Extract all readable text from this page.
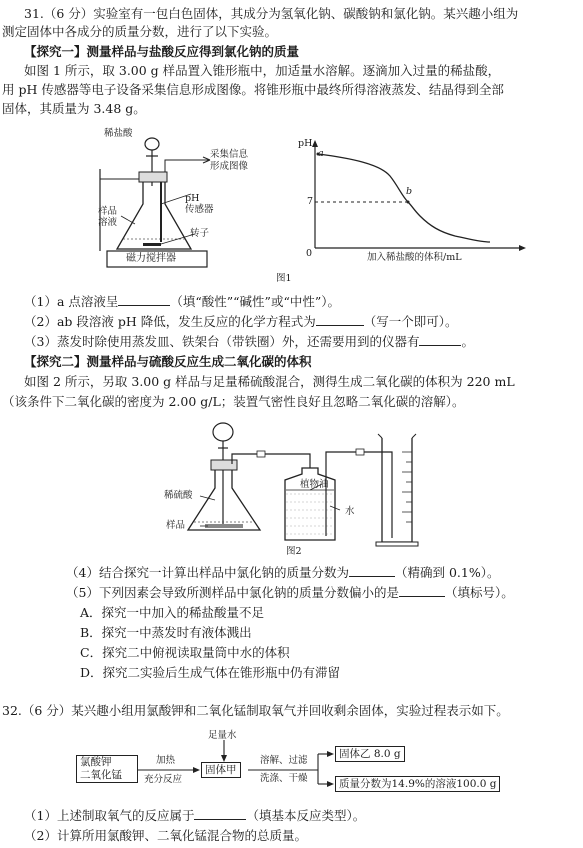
31.（6 分）实验室有一包白色固体，其成分为氢氧化钠、碳酸钠和氯化钠。某兴趣小组为
测定固体中各成分的质量分数，进行了以下实验。
【探究一】测量样品与盐酸反应得到氯化钠的质量
如图 1 所示，取 3.00 g 样品置入锥形瓶中，加适量水溶解。逐滴加入过量的稀盐酸，
用 pH 传感器等电子设备采集信息形成图像。将锥形瓶中最终所得溶液蒸发、结晶得到全部
固体，其质量为 3.48 g。
稀盐酸
采集信息
形成图像
pH
传感器
样品
溶液
转子
磁力搅拌器
pH
a
7
b
0	加入稀盐酸的体积/mL
图1
（1）a 点溶液呈	（填“酸性”“碱性”或“中性”）。
（2）ab 段溶液 pH 降低，发生反应的化学方程式为	（写一个即可）。
（3）蒸发时除使用蒸发皿、铁架台（带铁圈）外，还需要用到的仪器有	。
【探究二】测量样品与硫酸反应生成二氧化碳的体积
如图 2 所示，另取 3.00 g 样品与足量稀硫酸混合，测得生成二氧化碳的体积为 220 mL
（该条件下二氧化碳的密度为 2.00 g/L；装置气密性良好且忽略二氧化碳的溶解）。
稀硫酸
样品
植物油
水
图2
（4）结合探究一计算出样品中氯化钠的质量分数为	（精确到 0.1%）。
（5）下列因素会导致所测样品中氯化钠的质量分数偏小的是	（填标号）。
A．探究一中加入的稀盐酸量不足
B．探究一中蒸发时有液体溅出
C．探究二中俯视读取量筒中水的体积
D．探究二实验后生成气体在锥形瓶中仍有滞留
32.（6 分）某兴趣小组用氯酸钾和二氧化锰制取氧气并回收剩余固体，实验过程表示如下。
氯酸钾
二氧化锰
加热
充分反应
足量水
固体甲
溶解、过滤
洗涤、干燥
固体乙 8.0 g
质量分数为14.9%的溶液100.0 g
（1）上述制取氧气的反应属于	（填基本反应类型）。
（2）计算所用氯酸钾、二氧化锰混合物的总质量。
